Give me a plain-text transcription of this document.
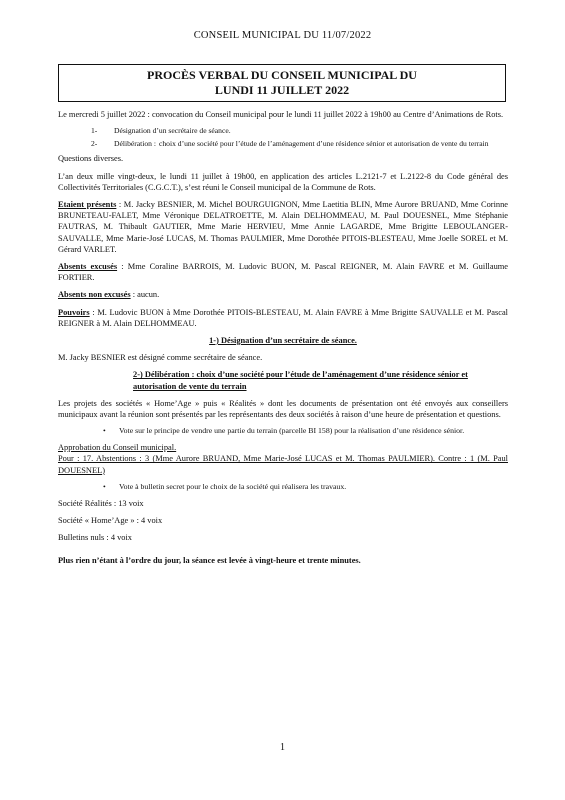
CONSEIL MUNICIPAL DU 11/07/2022
PROCÈS VERBAL DU CONSEIL MUNICIPAL DU
LUNDI 11 JUILLET 2022

Le mercredi 5 juillet 2022 : convocation du Conseil municipal pour le lundi 11 juillet 2022 à 19h00 au Centre d’Animations de Rots.

1-	Désignation d’un secrétaire de séance.
2-	Délibération : choix d’une société pour l’étude de l’aménagement d’une résidence sénior et autorisation de vente du terrain

Questions diverses.

L’an deux mille vingt-deux, le lundi 11 juillet à 19h00, en application des articles L.2121-7 et L.2122-8 du Code général des Collectivités Territoriales (C.G.C.T.), s’est réuni le Conseil municipal de la Commune de Rots.

Etaient présents : M. Jacky BESNIER, M. Michel BOURGUIGNON, Mme Laetitia BLIN, Mme Aurore BRUAND, Mme Corinne BRUNETEAU-FALET, Mme Véronique DELATROETTE, M. Alain DELHOMMEAU, M. Paul DOUESNEL, Mme Stéphanie FAUTRAS, M. Thibault GAUTIER, Mme Marie HERVIEU, Mme Annie LAGARDE, Mme Brigitte LEBOULANGER-SAUVALLE, Mme Marie-José LUCAS, M. Thomas PAULMIER, Mme Dorothée PITOIS-BLESTEAU, Mme Joelle SOREL et M. Gérard VARLET.

Absents excusés : Mme Coraline BARROIS, M. Ludovic BUON, M. Pascal REIGNER, M. Alain FAVRE et M. Guillaume FORTIER.

Absents non excusés : aucun.

Pouvoirs : M. Ludovic BUON à Mme Dorothée PITOIS-BLESTEAU, M. Alain FAVRE à Mme Brigitte SAUVALLE et M. Pascal REIGNER à M. Alain DELHOMMEAU.

1-) Désignation d’un secrétaire de séance.

M. Jacky BESNIER est désigné comme secrétaire de séance.

2-) Délibération : choix d’une société pour l’étude de l’aménagement d’une résidence sénior et autorisation de vente du terrain

Les projets des sociétés « Home’Age » puis « Réalités » dont les documents de présentation ont été envoyés aux conseillers municipaux avant la réunion sont présentés par les représentants des deux sociétés à raison d’une heure de présentation et questions.

•	Vote sur le principe de vendre une partie du terrain (parcelle BI 158) pour la réalisation d’une résidence sénior.
Approbation du Conseil municipal.
Pour : 17. Abstentions : 3 (Mme Aurore BRUAND, Mme Marie-José LUCAS et M. Thomas PAULMIER). Contre : 1 (M. Paul DOUESNEL)
•	Vote à bulletin secret pour le choix de la société qui réalisera les travaux.

Société Réalités : 13 voix

Société « Home’Age » : 4 voix

Bulletins nuls : 4 voix

Plus rien n’étant à l’ordre du jour, la séance est levée à vingt-heure et trente minutes.

1
